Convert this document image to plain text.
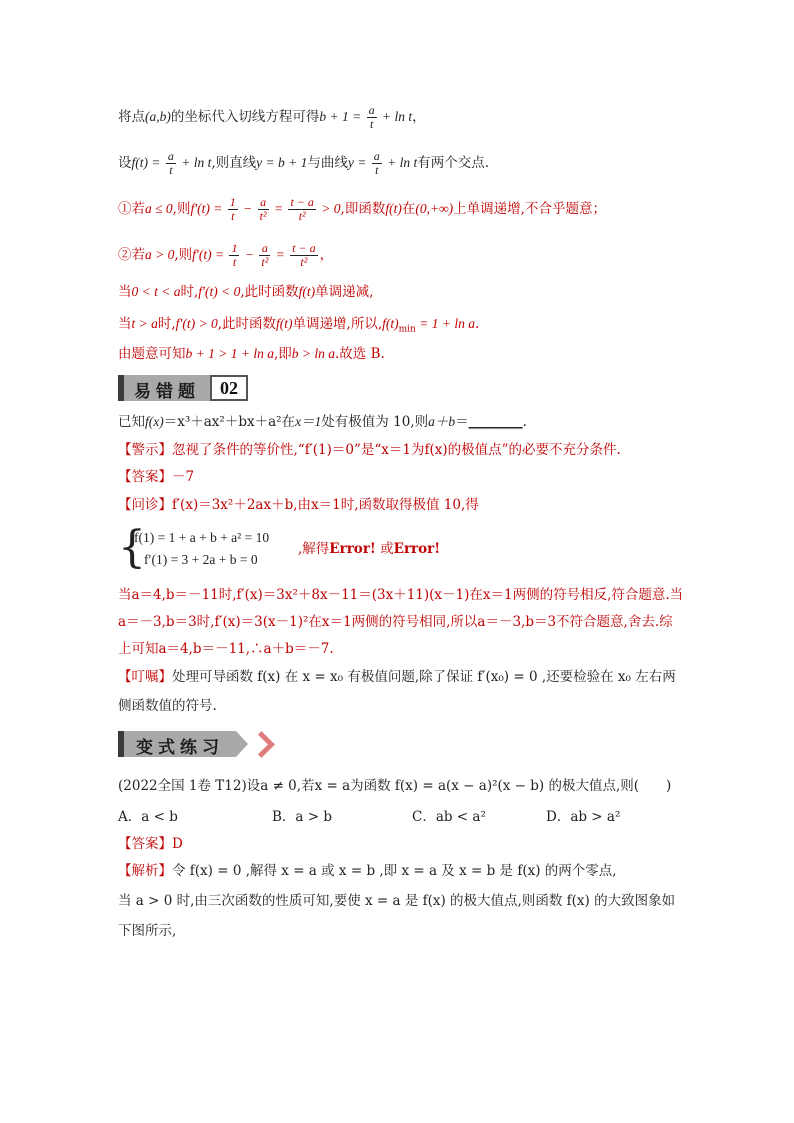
将点(a,b)的坐标代入切线方程可得$b + 1 = \frac{a}{t} + \ln t$，
设$f(t) = \frac{a}{t} + \ln t$,则直线y = b + 1与曲线$y = \frac{a}{t} + \ln t$有两个交点.
①若a ≤ 0,则$f'(t) = \frac{1}{t} - \frac{a}{\text{t²}} = \frac{t - a}{\text{t²}} > 0$,即函数f(t)在(0,+∞)上单调递增,不合乎题意；
②若a > 0,则$f'(t) = \frac{1}{t} - \frac{a}{\text{t²}} = \frac{t - a}{\text{t²}}$ ，
当0 < t < a时,f′(t) < 0,此时函数f(t)单调递减,
当t > a时,f′(t) > 0,此时函数f(t)单调递增,所以$,f(t)_{min} = 1 + \ln a$.
由题意可知b + 1 > 1 + ln a,即b > ln a.故选 B.
易错题	02
已知f(x)＝x³＋ax²＋bx＋a²在x＝1处有极值为 10,则a＋b＝________.
【警示】忽视了条件的等价性,“f′(1)＝0”是“x＝1为f(x)的极值点”的必要不充分条件.
【答案】－7
【问诊】f′(x)＝3x²＋2ax＋b,由x＝1时,函数取得极值 10,得
{
f(1) = 1 + a + b + a² = 10
f′(1) = 3 + 2a + b = 0
,解得Error! 或Error!
当a＝4,b＝－11时,f′(x)＝3x²＋8x－11＝(3x＋11)(x－1)在x＝1两侧的符号相反,符合题意.当
a＝－3,b＝3时,f′(x)＝3(x－1)²在x＝1两侧的符号相同,所以a＝－3,b＝3不符合题意,舍去.综
上可知a＝4,b＝－11,∴a＋b＝－7.
【叮嘱】处理可导函数 f(x) 在 x = x₀ 有极值问题,除了保证 f′(x₀) = 0 ,还要检验在 x₀ 左右两
侧函数值的符号.
变式练习
(2022全国 1卷 T12)设a ≠ 0,若x = a为函数 f(x) = a(x − a)²(x − b) 的极大值点,则(　　)
A．a < b	B．a > b	C．ab < a²	D．ab > a²
【答案】D
【解析】令 f(x) = 0 ,解得 x = a 或 x = b ,即 x = a 及 x = b 是 f(x) 的两个零点,
当 a > 0 时,由三次函数的性质可知,要使 x = a 是 f(x) 的极大值点,则函数 f(x) 的大致图象如
下图所示,
